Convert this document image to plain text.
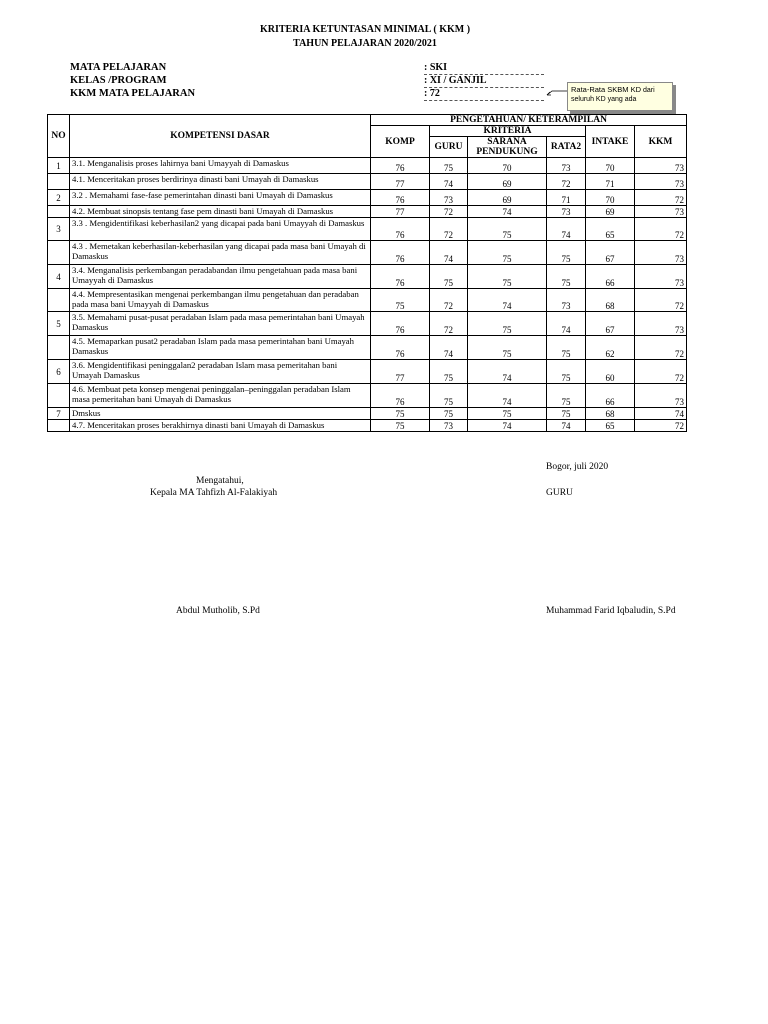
KRITERIA KETUNTASAN MINIMAL ( KKM )
TAHUN PELAJARAN 2020/2021
MATA PELAJARAN	: SKI
KELAS /PROGRAM	: XI / GANJIL
KKM MATA PELAJARAN	: 72	Rata-Rata SKBM KD dari seluruh KD yang ada
NO	KOMPETENSI DASAR	PENGETAHUAN/ KETERAMPILAN					
		KOMP	KRITERIA			INTAKE	KKM
			GURU	SARANA PENDUKUNG	RATA2		
1	3.1. Menganalisis proses lahirnya bani Umayyah di Damaskus	76	75	70	73	70	73
	4.1. Menceritakan proses berdirinya dinasti bani Umayah di Damaskus	77	74	69	72	71	73
2	3.2 . Memahami fase-fase pemerintahan dinasti bani Umayah di Damaskus	76	73	69	71	70	72
	4.2. Membuat sinopsis tentang fase pem dinasti bani Umayah di Damaskus	77	72	74	73	69	73
3	3.3 . Mengidentifikasi keberhasilan2 yang dicapai pada bani Umayyah di Damaskus	76	72	75	74	65	72
	4.3 . Memetakan keberhasilan-keberhasilan yang dicapai pada masa bani Umayah di Damaskus	76	74	75	75	67	73
4	3.4. Menganalisis perkembangan peradabandan ilmu pengetahuan pada masa bani Umayyah di Damaskus	76	75	75	75	66	73
	4.4. Mempresentasikan mengenai perkembangan ilmu pengetahuan dan peradaban pada masa bani Umayyah di Damaskus	75	72	74	73	68	72
5	3.5. Memahami pusat-pusat peradaban Islam pada masa pemerintahan bani Umayah Damaskus	76	72	75	74	67	73
	4.5. Memaparkan pusat2 peradaban Islam pada masa pemerintahan bani Umayah Damaskus	76	74	75	75	62	72
6	3.6. Mengidentifikasi peninggalan2 peradaban Islam masa pemeritahan bani Umayah Damaskus	77	75	74	75	60	72
	4.6. Membuat peta konsep mengenai peninggalan–peninggalan peradaban Islam masa pemeritahan bani Umayah di Damaskus	76	75	74	75	66	73
7	Dmskus	75	75	75	75	68	74
	4.7. Menceritakan proses berakhirnya dinasti bani Umayah di Damaskus	75	73	74	74	65	72
Bogor, juli 2020
Mengatahui,
Kepala MA Tahfizh Al-Falakiyah	GURU
Abdul Mutholib, S.Pd	Muhammad Farid Iqbaludin, S.Pd
